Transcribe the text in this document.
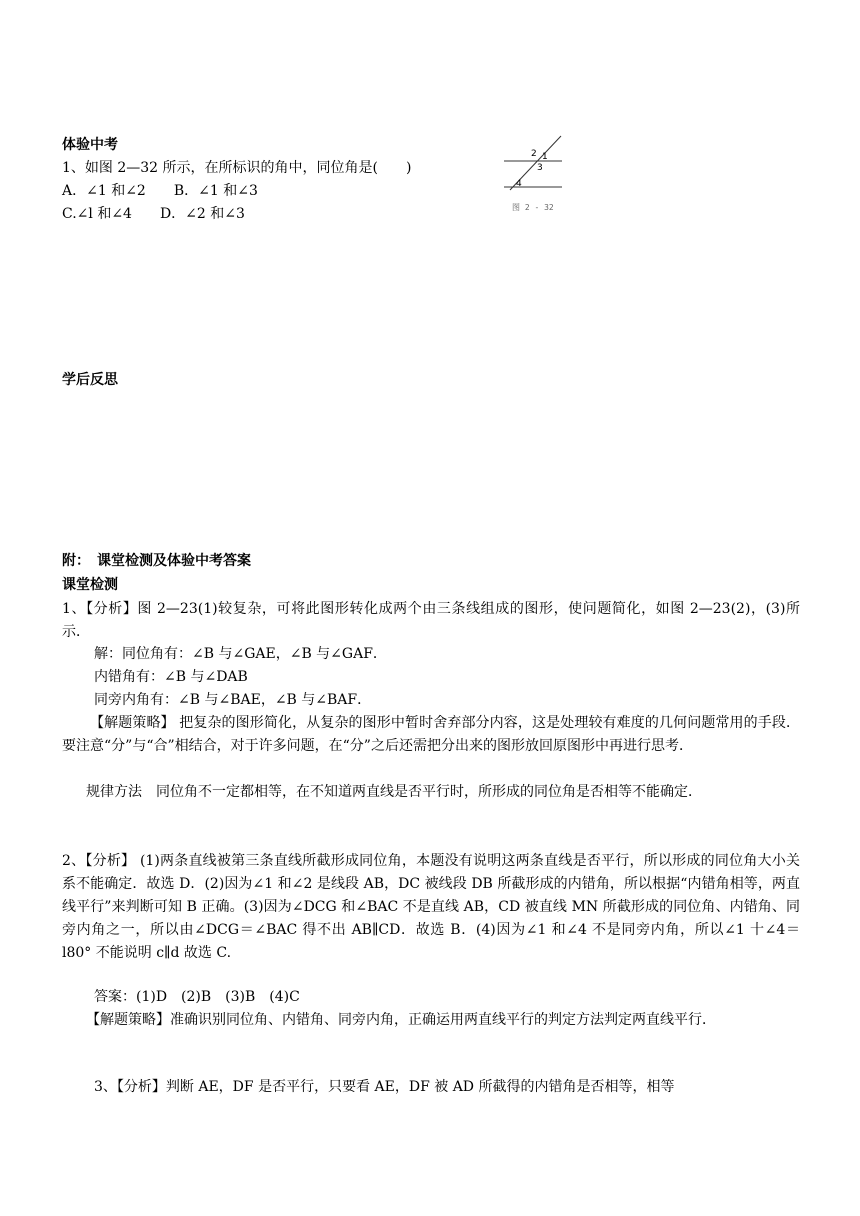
体验中考
1、如图 2—32 所示，在所标识的角中，同位角是(　　)
A．∠1 和∠2　　B．∠1 和∠3
C.∠l 和∠4　　D．∠2 和∠3
2 1
3
4
图 2 - 32
学后反思
附：　课堂检测及体验中考答案
课堂检测
1、【分析】图 2—23(1)较复杂，可将此图形转化成两个由三条线组成的图形，使问题简化，如图 2—23(2)，(3)所示．
解：同位角有：∠B 与∠GAE，∠B 与∠GAF．
内错角有：∠B 与∠DAB
同旁内角有：∠B 与∠BAE，∠B 与∠BAF．
【解题策略】 把复杂的图形简化，从复杂的图形中暂时舍弃部分内容，这是处理较有难度的几何问题常用的手段．要注意“分”与“合”相结合，对于许多问题，在“分”之后还需把分出来的图形放回原图形中再进行思考．
规律方法　同位角不一定都相等，在不知道两直线是否平行时，所形成的同位角是否相等不能确定．
2、【分析】 (1)两条直线被第三条直线所截形成同位角，本题没有说明这两条直线是否平行，所以形成的同位角大小关系不能确定．故选 D．(2)因为∠1 和∠2 是线段 AB，DC 被线段 DB 所截形成的内错角，所以根据“内错角相等，两直线平行”来判断可知 B 正确。(3)因为∠DCG 和∠BAC 不是直线 AB，CD 被直线 MN 所截形成的同位角、内错角、同旁内角之一，所以由∠DCG＝∠BAC 得不出 AB∥CD．故选 B．(4)因为∠1 和∠4 不是同旁内角，所以∠1 十∠4＝l80° 不能说明 c∥d 故选 C.
答案：(1)D　(2)B　(3)B　(4)C
【解题策略】准确识别同位角、内错角、同旁内角，正确运用两直线平行的判定方法判定两直线平行．
3、【分析】判断 AE，DF 是否平行，只要看 AE，DF 被 AD 所截得的内错角是否相等，相等
